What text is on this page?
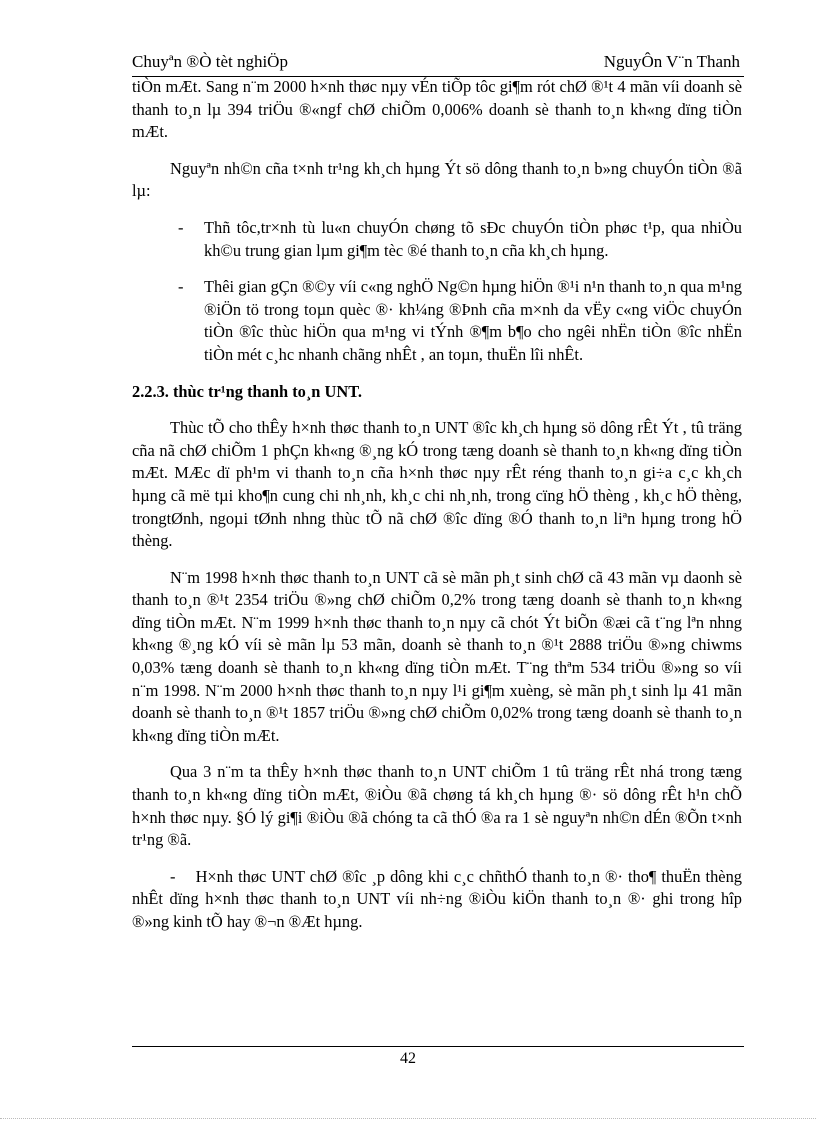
Chuyªn ®Ò tèt nghiÖp	NguyÔn V¨n Thanh

tiÒn mÆt. Sang n¨m 2000 h×nh thøc nµy vÉn tiÕp tôc gi¶m rót chØ ®¹t 4 mãn víi doanh sè thanh to¸n lµ 394 triÖu ®«ngf chØ chiÕm 0,006% doanh sè thanh to¸n kh«ng dïng tiÒn mÆt.

Nguyªn nh©n cña t×nh tr¹ng kh¸ch hµng Ýt sö dông thanh to¸n b»ng chuyÓn tiÒn ®ã lµ:

- Thñ tôc,tr×nh tù lu«n chuyÓn chøng tõ sÐc chuyÓn tiÒn phøc t¹p, qua nhiÒu kh©u trung gian lµm gi¶m tèc ®é thanh to¸n cña kh¸ch hµng.

- Thêi gian gÇn ®©y víi c«ng nghÖ Ng©n hµng hiÖn ®¹i n¹n thanh to¸n qua m¹ng ®iÖn tö trong toµn quèc ®· kh¼ng ®Þnh cña m×nh da vËy c«ng viÖc chuyÓn tiÒn ®îc thùc hiÖn qua m¹ng vi tÝnh ®¶m b¶o cho ngêi nhËn tiÒn ®îc nhËn tiÒn mét c¸hc nhanh chãng nhÊt , an toµn, thuËn lîi nhÊt.

2.2.3. thùc tr¹ng thanh to¸n UNT.

Thùc tÕ cho thÊy h×nh thøc thanh to¸n UNT ®îc kh¸ch hµng sö dông rÊt Ýt , tû träng cña nã chØ chiÕm 1 phÇn kh«ng ®¸ng kÓ trong tæng doanh sè thanh to¸n kh«ng dïng tiÒn mÆt. MÆc dï ph¹m vi thanh to¸n cña h×nh thøc nµy rÊt réng thanh to¸n gi÷a c¸c kh¸ch hµng cã më tµi kho¶n cung chi nh¸nh, kh¸c chi nh¸nh, trong cïng hÖ thèng , kh¸c hÖ thèng, trongtØnh, ngoµi tØnh nhng thùc tÕ nã chØ ®îc dïng ®Ó thanh to¸n liªn hµng trong hÖ thèng.

N¨m 1998 h×nh thøc thanh to¸n UNT cã sè mãn ph¸t sinh chØ cã 43 mãn vµ daonh sè thanh to¸n ®¹t 2354 triÖu ®»ng chØ chiÕm 0,2% trong tæng doanh sè thanh to¸n kh«ng dïng tiÒn mÆt. N¨m 1999 h×nh thøc thanh to¸n nµy cã chót Ýt biÕn ®æi cã t¨ng lªn nhng kh«ng ®¸ng kÓ víi sè mãn lµ 53 mãn, doanh sè thanh to¸n ®¹t 2888 triÖu ®»ng chiwms 0,03% tæng doanh sè thanh to¸n kh«ng dïng tiÒn mÆt. T¨ng thªm 534 triÖu ®»ng so víi n¨m 1998. N¨m 2000 h×nh thøc thanh to¸n nµy l¹i gi¶m xuèng, sè mãn ph¸t sinh lµ 41 mãn doanh sè thanh to¸n ®¹t 1857 triÖu ®»ng chØ chiÕm 0,02% trong tæng doanh sè thanh to¸n kh«ng dïng tiÒn mÆt.

Qua 3 n¨m ta thÊy h×nh thøc thanh to¸n UNT chiÕm 1 tû träng rÊt nhá trong tæng thanh to¸n kh«ng dïng tiÒn mÆt, ®iÒu ®ã chøng tá kh¸ch hµng ®· sö dông rÊt h¹n chÕ h×nh thøc nµy. §Ó lý gi¶i ®iÒu ®ã chóng ta cã thÓ ®a ra 1 sè nguyªn nh©n dÉn ®Õn t×nh tr¹ng ®ã.

- H×nh thøc UNT chØ ®îc ¸p dông khi c¸c chñthÓ thanh to¸n ®· tho¶ thuËn thèng nhÊt dïng h×nh thøc thanh to¸n UNT víi nh÷ng ®iÒu kiÖn thanh to¸n ®· ghi trong hîp ®»ng kinh tÕ hay ®¬n ®Æt hµng.

42
